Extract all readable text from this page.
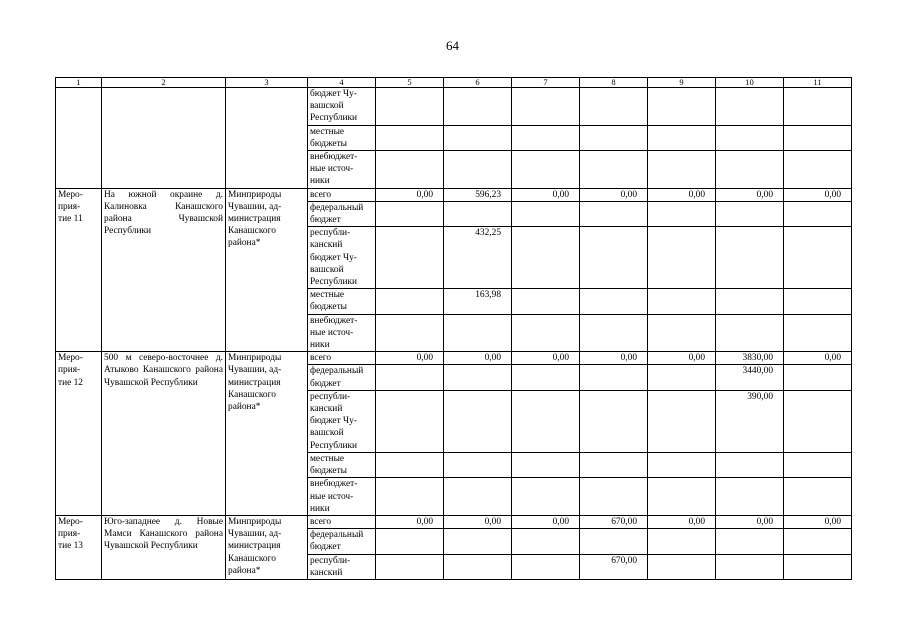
64
1	2	3	4	5	6	7	8	9	10	11
			бюджет Чу-
вашской
Республики							
			местные
бюджеты							
			внебюджет-
ные источ-
ники							
Меро-
прия-
тие 11	На южной окраине д. Калиновка Канашского района Чувашской Республики	Минприроды
Чувашии, ад-
министрация
Канашского
района*	всего	0,00	596,23	0,00	0,00	0,00	0,00	0,00
			федеральный
бюджет							
			республи-
канский
бюджет Чу-
вашской
Республики		432,25					
			местные
бюджеты		163,98					
			внебюджет-
ные источ-
ники							
Меро-
прия-
тие 12	500 м северо-восточнее д. Атыково Канашского района Чувашской Республики	Минприроды
Чувашии, ад-
министрация
Канашского
района*	всего	0,00	0,00	0,00	0,00	0,00	3830,00	0,00
			федеральный
бюджет						3440,00	
			республи-
канский
бюджет Чу-
вашской
Республики						390,00	
			местные
бюджеты							
			внебюджет-
ные источ-
ники							
Меро-
прия-
тие 13	Юго-западнее д. Новые Мамси Канашского района Чувашской Республики	Минприроды
Чувашии, ад-
министрация
Канашского
района*	всего	0,00	0,00	0,00	670,00	0,00	0,00	0,00
			федеральный
бюджет							
			республи-
канский				670,00			
